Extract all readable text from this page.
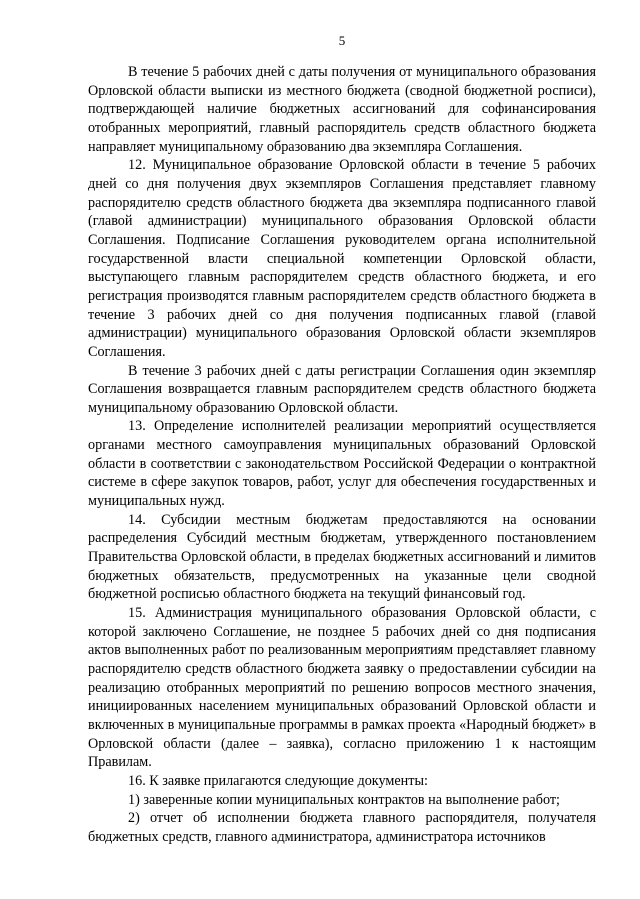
5

В течение 5 рабочих дней с даты получения от муниципального образования Орловской области выписки из местного бюджета (сводной бюджетной росписи), подтверждающей наличие бюджетных ассигнований для софинансирования отобранных мероприятий, главный распорядитель средств областного бюджета направляет муниципальному образованию два экземпляра Соглашения.

12. Муниципальное образование Орловской области в течение 5 рабочих дней со дня получения двух экземпляров Соглашения представляет главному распорядителю средств областного бюджета два экземпляра подписанного главой (главой администрации) муниципального образования Орловской области Соглашения. Подписание Соглашения руководителем органа исполнительной государственной власти специальной компетенции Орловской области, выступающего главным распорядителем средств областного бюджета, и его регистрация производятся главным распорядителем средств областного бюджета в течение 3 рабочих дней со дня получения подписанных главой (главой администрации) муниципального образования Орловской области экземпляров Соглашения.

В течение 3 рабочих дней с даты регистрации Соглашения один экземпляр Соглашения возвращается главным распорядителем средств областного бюджета муниципальному образованию Орловской области.

13. Определение исполнителей реализации мероприятий осуществляется органами местного самоуправления муниципальных образований Орловской области в соответствии с законодательством Российской Федерации о контрактной системе в сфере закупок товаров, работ, услуг для обеспечения государственных и муниципальных нужд.

14. Субсидии местным бюджетам предоставляются на основании распределения Субсидий местным бюджетам, утвержденного постановлением Правительства Орловской области, в пределах бюджетных ассигнований и лимитов бюджетных обязательств, предусмотренных на указанные цели сводной бюджетной росписью областного бюджета на текущий финансовый год.

15. Администрация муниципального образования Орловской области, с которой заключено Соглашение, не позднее 5 рабочих дней со дня подписания актов выполненных работ по реализованным мероприятиям представляет главному распорядителю средств областного бюджета заявку о предоставлении субсидии на реализацию отобранных мероприятий по решению вопросов местного значения, инициированных населением муниципальных образований Орловской области и включенных в муниципальные программы в рамках проекта «Народный бюджет» в Орловской области (далее – заявка), согласно приложению 1 к настоящим Правилам.

16. К заявке прилагаются следующие документы:

1) заверенные копии муниципальных контрактов на выполнение работ;

2) отчет об исполнении бюджета главного распорядителя, получателя бюджетных средств, главного администратора, администратора источников
